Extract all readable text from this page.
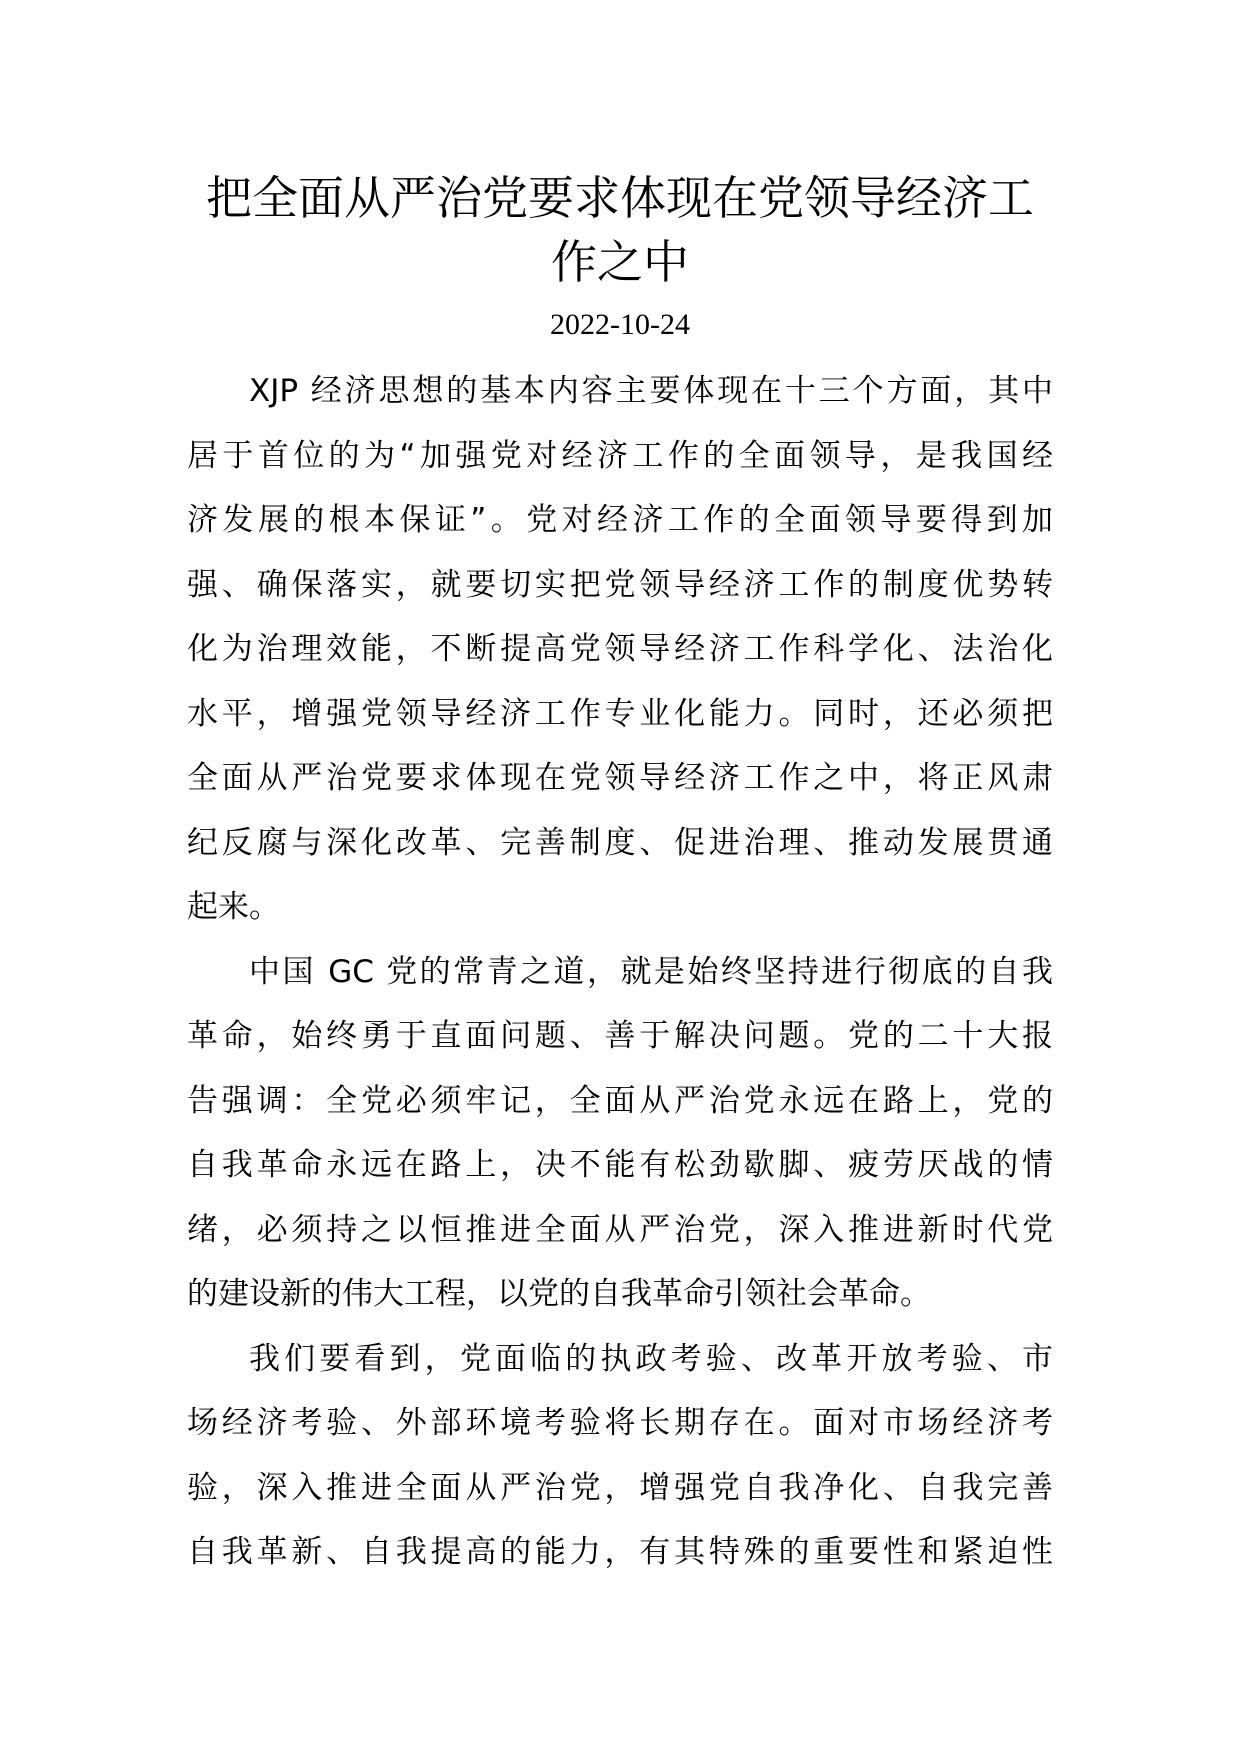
把全面从严治党要求体现在党领导经济工
作之中
2022-10-24

XJP 经济思想的基本内容主要体现在十三个方面，其中
居于首位的为“加强党对经济工作的全面领导，是我国经
济发展的根本保证”。党对经济工作的全面领导要得到加
强、确保落实，就要切实把党领导经济工作的制度优势转
化为治理效能，不断提高党领导经济工作科学化、法治化
水平，增强党领导经济工作专业化能力。同时，还必须把
全面从严治党要求体现在党领导经济工作之中，将正风肃
纪反腐与深化改革、完善制度、促进治理、推动发展贯通
起来。

中国 GC 党的常青之道，就是始终坚持进行彻底的自我
革命，始终勇于直面问题、善于解决问题。党的二十大报
告强调：全党必须牢记，全面从严治党永远在路上，党的
自我革命永远在路上，决不能有松劲歇脚、疲劳厌战的情
绪，必须持之以恒推进全面从严治党，深入推进新时代党
的建设新的伟大工程，以党的自我革命引领社会革命。

我们要看到，党面临的执政考验、改革开放考验、市
场经济考验、外部环境考验将长期存在。面对市场经济考
验，深入推进全面从严治党，增强党自我净化、自我完善
自我革新、自我提高的能力，有其特殊的重要性和紧迫性
